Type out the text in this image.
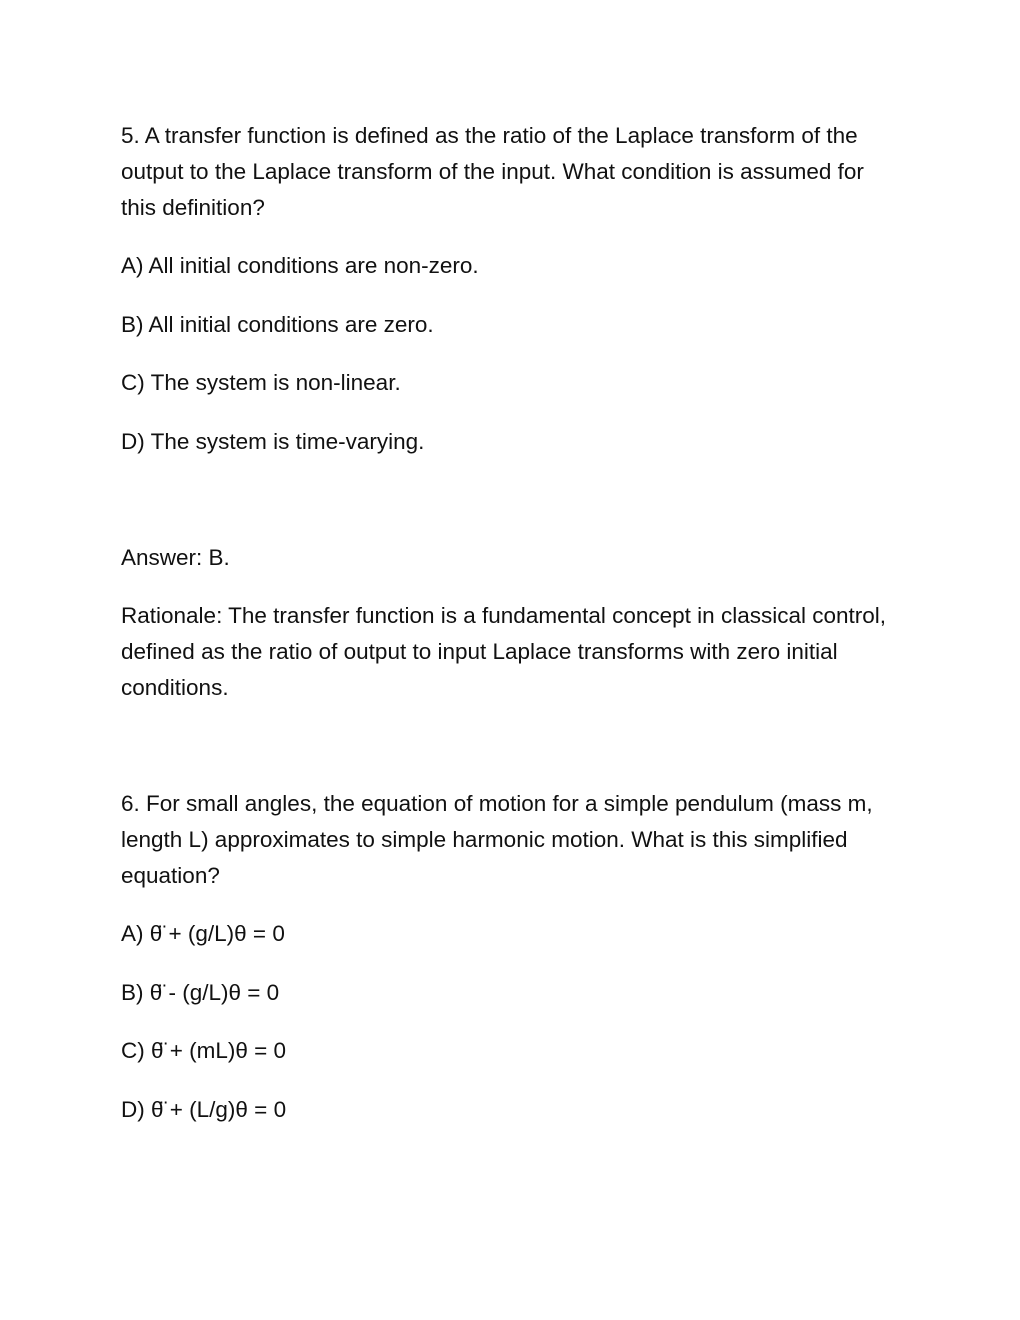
5. A transfer function is defined as the ratio of the Laplace transform of the output to the Laplace transform of the input. What condition is assumed for this definition?

A) All initial conditions are non-zero.

B) All initial conditions are zero.

C) The system is non-linear.

D) The system is time-varying.

Answer: B.

Rationale: The transfer function is a fundamental concept in classical control, defined as the ratio of output to input Laplace transforms with zero initial conditions.

6. For small angles, the equation of motion for a simple pendulum (mass m, length L) approximates to simple harmonic motion. What is this simplified equation?

A) θ̈ + (g/L)θ = 0

B) θ̈ - (g/L)θ = 0

C) θ̈ + (mL)θ = 0

D) θ̈ + (L/g)θ = 0
